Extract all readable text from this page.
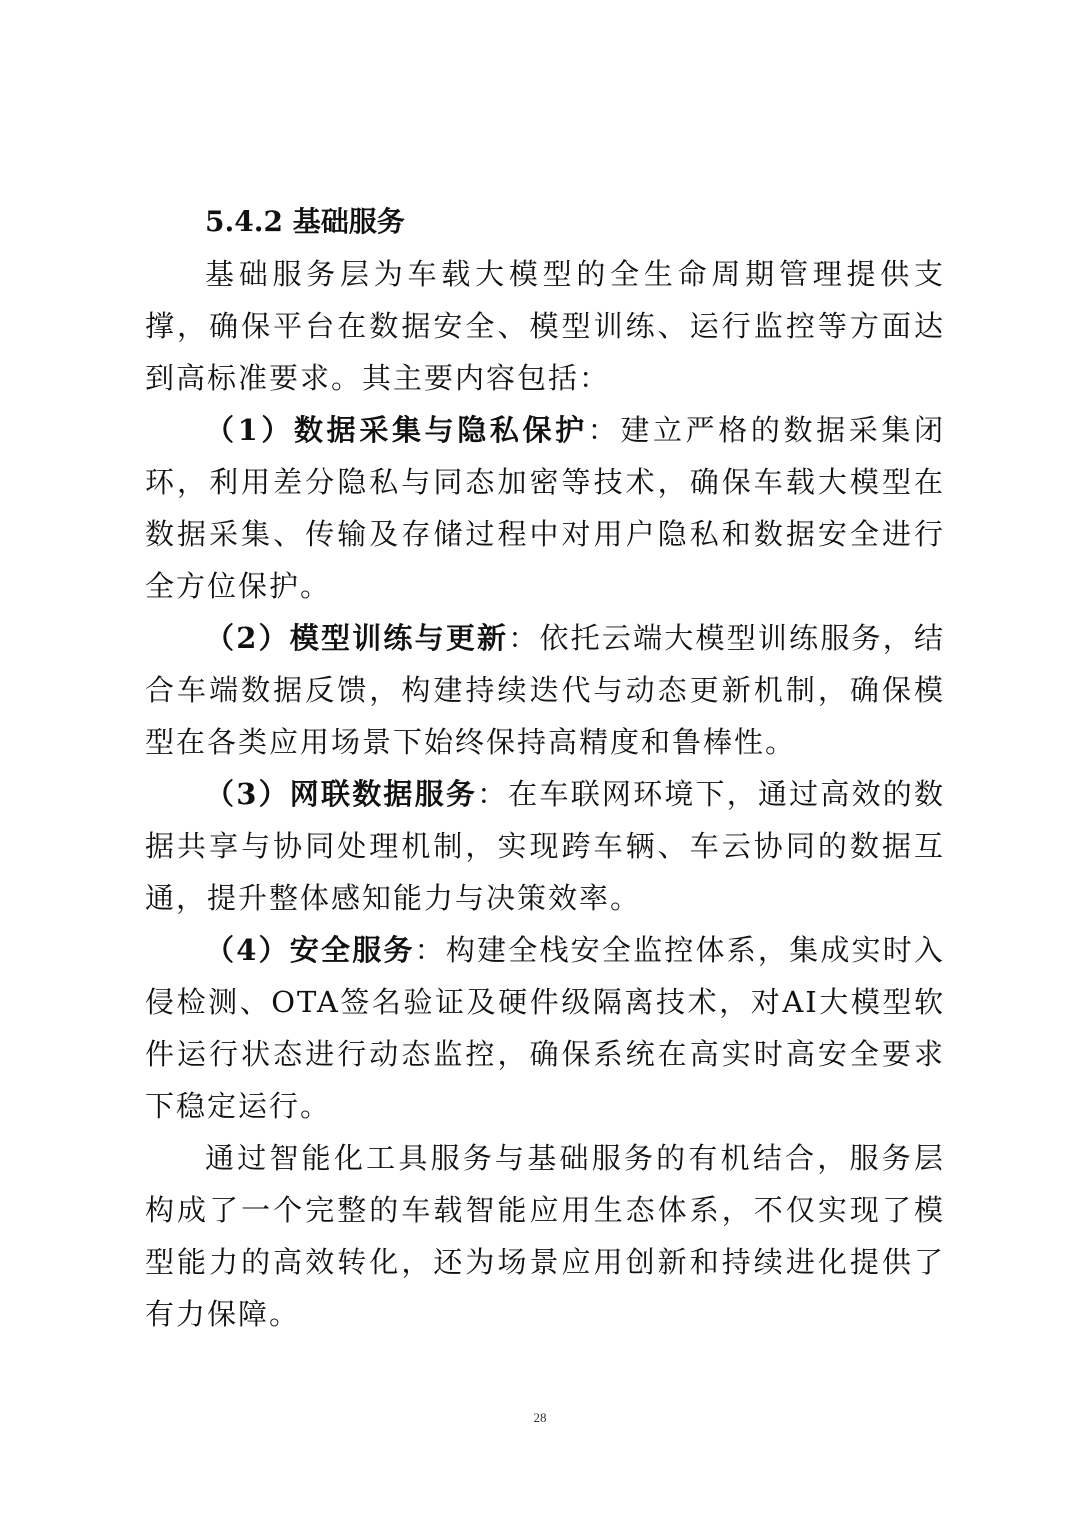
5.4.2 基础服务

基础服务层为车载大模型的全生命周期管理提供支撑，确保平台在数据安全、模型训练、运行监控等方面达到高标准要求。其主要内容包括：

（1）数据采集与隐私保护：建立严格的数据采集闭环，利用差分隐私与同态加密等技术，确保车载大模型在数据采集、传输及存储过程中对用户隐私和数据安全进行全方位保护。

（2）模型训练与更新：依托云端大模型训练服务，结合车端数据反馈，构建持续迭代与动态更新机制，确保模型在各类应用场景下始终保持高精度和鲁棒性。

（3）网联数据服务：在车联网环境下，通过高效的数据共享与协同处理机制，实现跨车辆、车云协同的数据互通，提升整体感知能力与决策效率。

（4）安全服务：构建全栈安全监控体系，集成实时入侵检测、OTA签名验证及硬件级隔离技术，对AI大模型软件运行状态进行动态监控，确保系统在高实时高安全要求下稳定运行。

通过智能化工具服务与基础服务的有机结合，服务层构成了一个完整的车载智能应用生态体系，不仅实现了模型能力的高效转化，还为场景应用创新和持续进化提供了有力保障。

28
